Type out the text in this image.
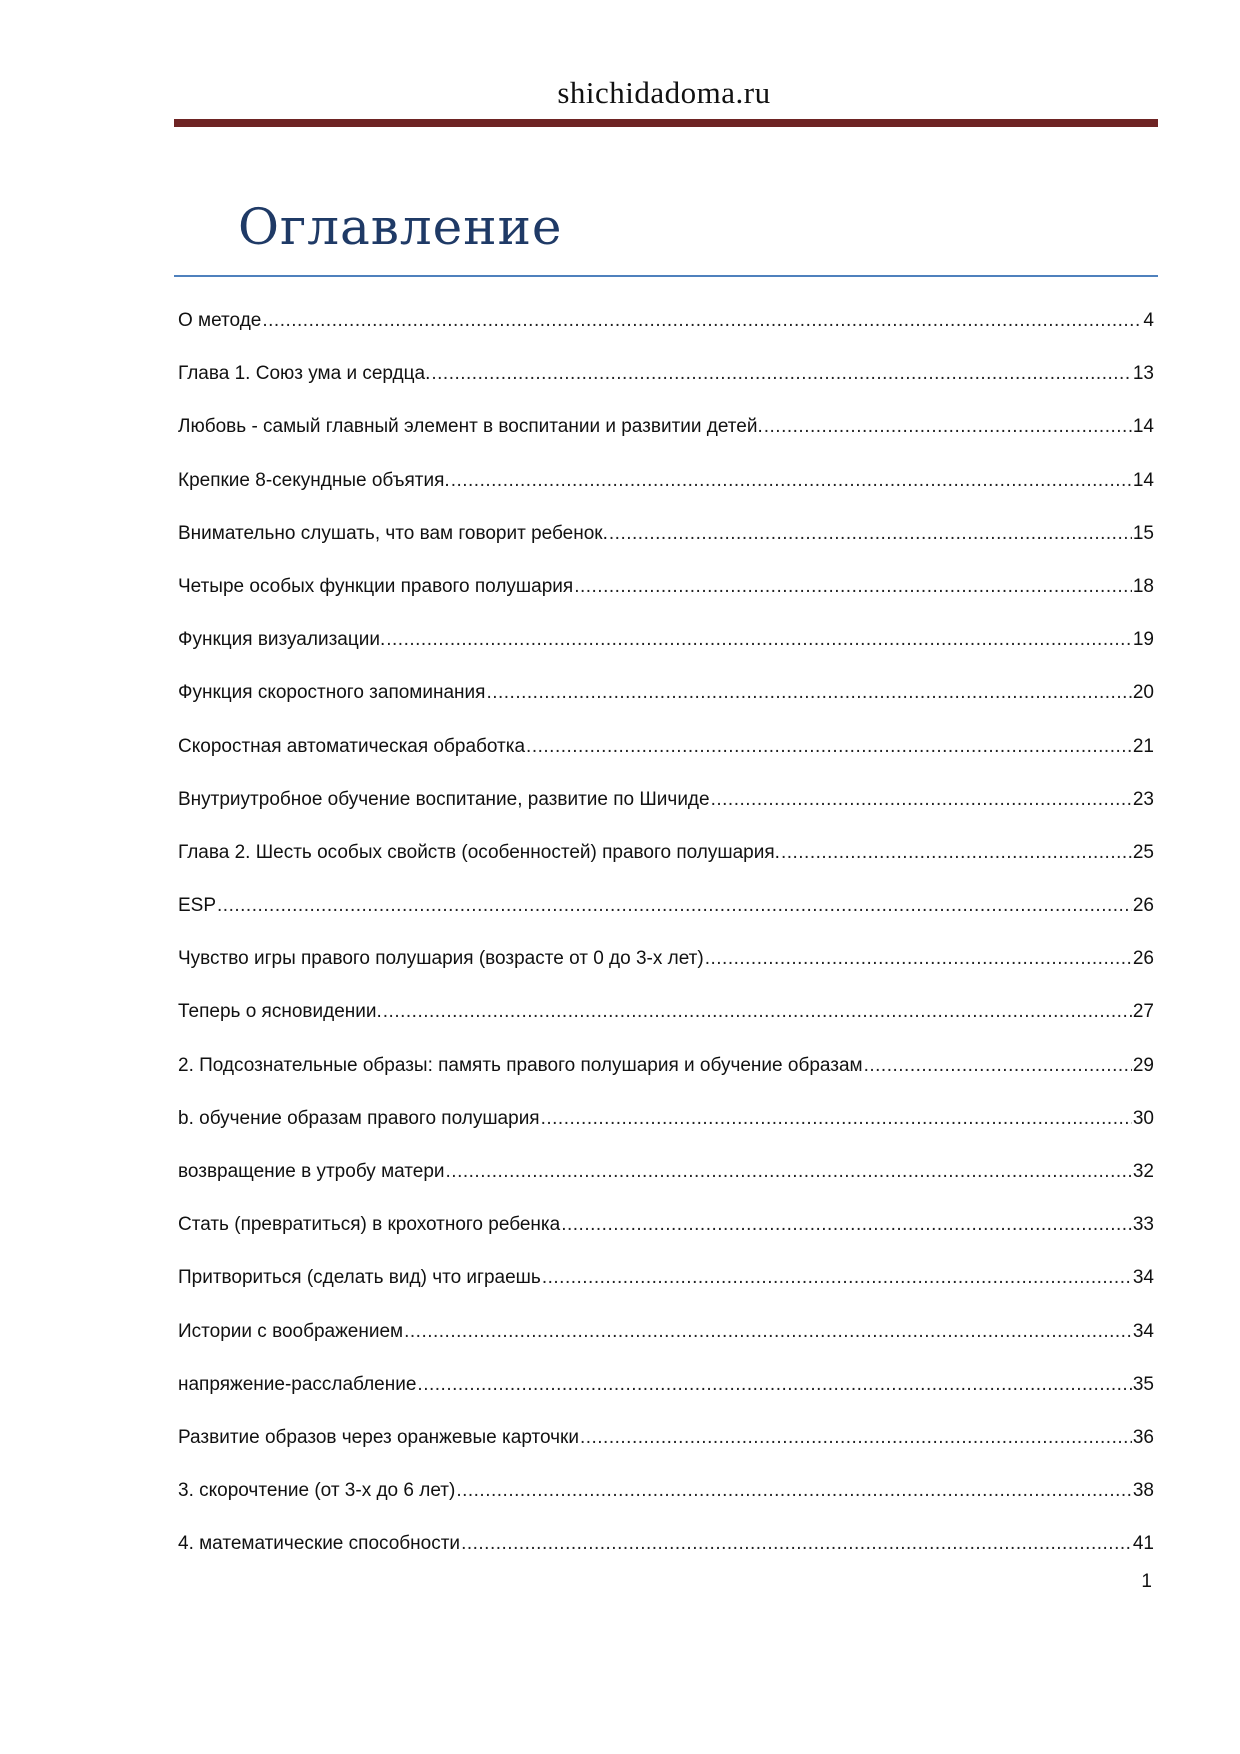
shichidadoma.ru
Оглавление
О методе .....	4
Глава 1. Союз ума и сердца. .....	13
Любовь - самый главный элемент в воспитании и развитии детей. .....	14
Крепкие 8-секундные объятия. .....	14
Внимательно слушать, что вам говорит ребенок. .....	15
Четыре особых функции правого полушария .....	18
Функция визуализации. .....	19
Функция скоростного запоминания .....	20
Скоростная автоматическая обработка .....	21
Внутриутробное обучение воспитание, развитие по Шичиде .....	23
Глава 2. Шесть особых свойств (особенностей) правого полушария. .....	25
ESP .....	26
Чувство игры правого полушария (возрасте от 0 до 3-х лет) .....	26
Теперь о ясновидении. .....	27
2. Подсознательные образы: память правого полушария и обучение образам .....	29
b. обучение образам правого полушария .....	30
возвращение в утробу матери .....	32
Стать (превратиться) в крохотного ребенка .....	33
Притвориться (сделать вид) что играешь .....	34
Истории с воображением .....	34
напряжение-расслабление .....	35
Развитие образов через оранжевые карточки .....	36
3. скорочтение (от 3-х до 6 лет) .....	38
4. математические способности .....	41
1
